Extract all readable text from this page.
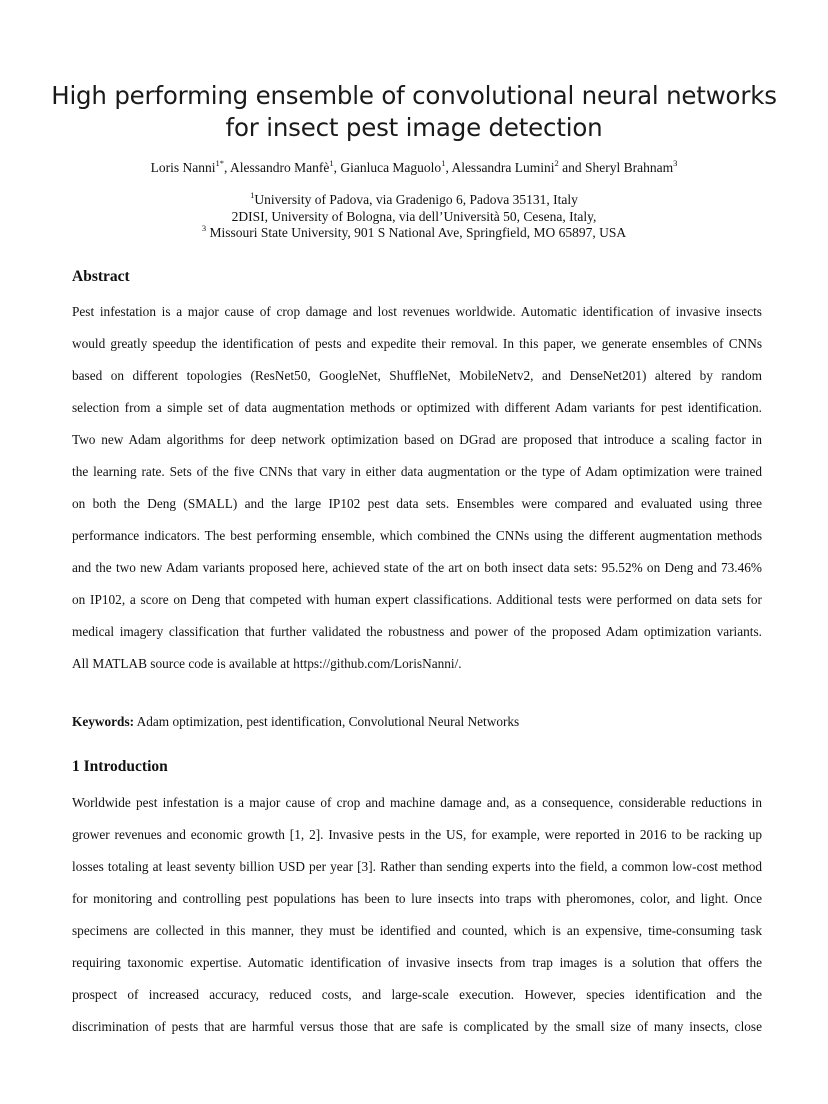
High performing ensemble of convolutional neural networks
for insect pest image detection
Loris Nanni$^{1*}$, Alessandro Manfè$^1$, Gianluca Maguolo$^1$, Alessandra Lumini$^2$ and Sheryl Brahnam$^3$
$^1$University of Padova, via Gradenigo 6, Padova 35131, Italy
2DISI, University of Bologna, via dell’Università 50, Cesena, Italy,
$^3$ Missouri State University, 901 S National Ave, Springfield, MO 65897, USA
Abstract
Pest infestation is a major cause of crop damage and lost revenues worldwide. Automatic identification of invasive insects
would greatly speedup the identification of pests and expedite their removal. In this paper, we generate ensembles of CNNs
based on different topologies (ResNet50, GoogleNet, ShuffleNet, MobileNetv2, and DenseNet201) altered by random
selection from a simple set of data augmentation methods or optimized with different Adam variants for pest identification.
Two new Adam algorithms for deep network optimization based on DGrad are proposed that introduce a scaling factor in
the learning rate. Sets of the five CNNs that vary in either data augmentation or the type of Adam optimization were trained
on both the Deng (SMALL) and the large IP102 pest data sets. Ensembles were compared and evaluated using three
performance indicators. The best performing ensemble, which combined the CNNs using the different augmentation methods
and the two new Adam variants proposed here, achieved state of the art on both insect data sets: 95.52% on Deng and 73.46%
on IP102, a score on Deng that competed with human expert classifications. Additional tests were performed on data sets for
medical imagery classification that further validated the robustness and power of the proposed Adam optimization variants.
All MATLAB source code is available at https://github.com/LorisNanni/.
Keywords: Adam optimization, pest identification, Convolutional Neural Networks
1 Introduction
Worldwide pest infestation is a major cause of crop and machine damage and, as a consequence, considerable reductions in
grower revenues and economic growth [1, 2]. Invasive pests in the US, for example, were reported in 2016 to be racking up
losses totaling at least seventy billion USD per year [3]. Rather than sending experts into the field, a common low-cost method
for monitoring and controlling pest populations has been to lure insects into traps with pheromones, color, and light. Once
specimens are collected in this manner, they must be identified and counted, which is an expensive, time-consuming task
requiring taxonomic expertise. Automatic identification of invasive insects from trap images is a solution that offers the
prospect of increased accuracy, reduced costs, and large-scale execution. However, species identification and the
discrimination of pests that are harmful versus those that are safe is complicated by the small size of many insects, close
